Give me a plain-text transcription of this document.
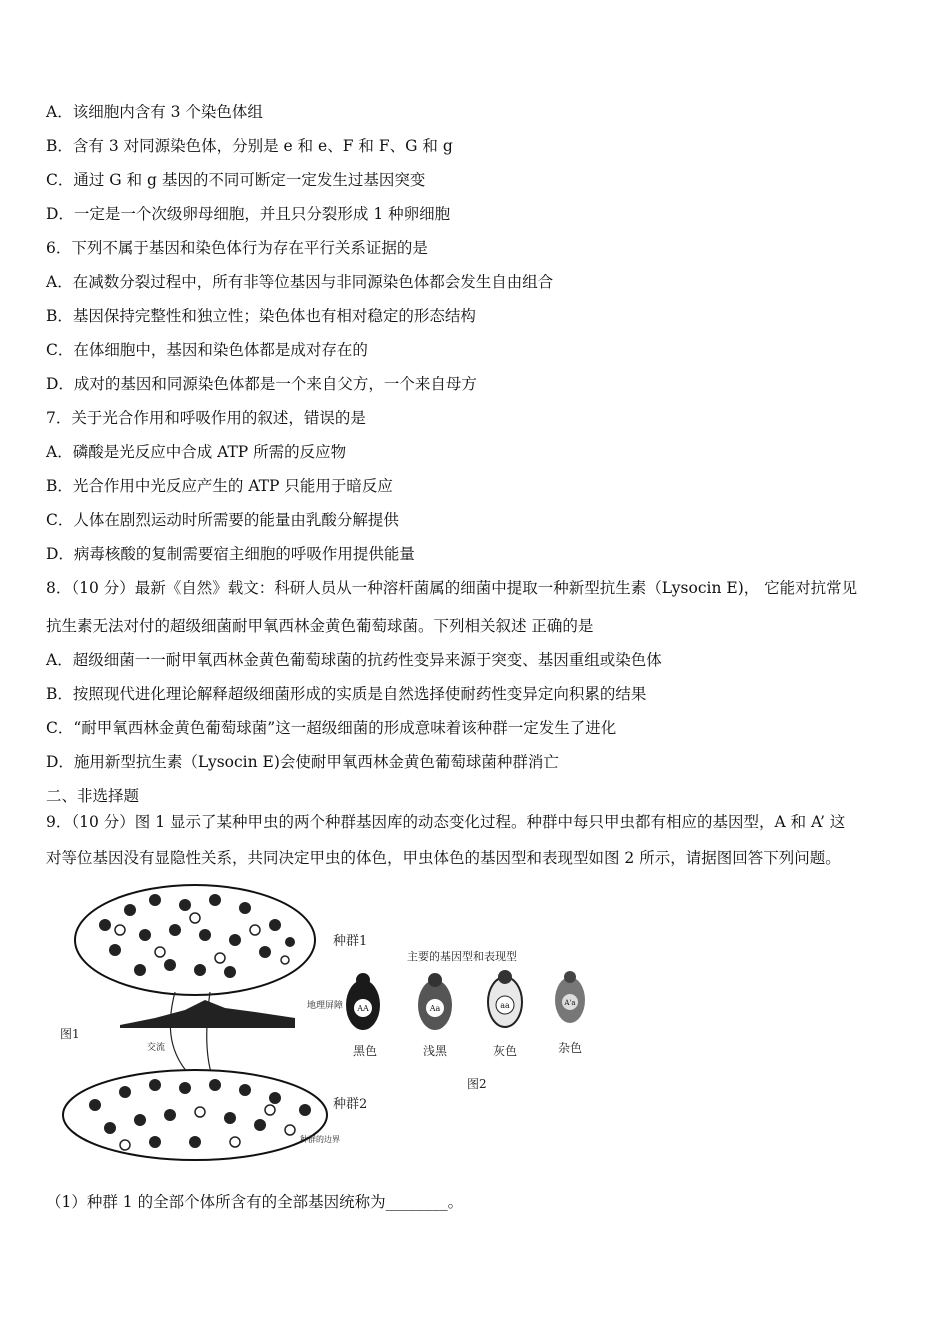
A．该细胞内含有 3 个染色体组
B．含有 3 对同源染色体，分别是 e 和 e、F 和 F、G 和 g
C．通过 G 和 g 基因的不同可断定一定发生过基因突变
D．一定是一个次级卵母细胞，并且只分裂形成 1 种卵细胞
6．下列不属于基因和染色体行为存在平行关系证据的是
A．在减数分裂过程中，所有非等位基因与非同源染色体都会发生自由组合
B．基因保持完整性和独立性；染色体也有相对稳定的形态结构
C．在体细胞中，基因和染色体都是成对存在的
D．成对的基因和同源染色体都是一个来自父方，一个来自母方
7．关于光合作用和呼吸作用的叙述，错误的是
A．磷酸是光反应中合成 ATP 所需的反应物
B．光合作用中光反应产生的 ATP 只能用于暗反应
C．人体在剧烈运动时所需要的能量由乳酸分解提供
D．病毒核酸的复制需要宿主细胞的呼吸作用提供能量
8．（10 分）最新《自然》载文：科研人员从一种溶杆菌属的细菌中提取一种新型抗生素（Lysocin E)， 它能对抗常见
抗生素无法对付的超级细菌耐甲氧西林金黄色葡萄球菌。下列相关叙述 正确的是
A．超级细菌一一耐甲氧西林金黄色葡萄球菌的抗药性变异来源于突变、基因重组或染色体
B．按照现代进化理论解释超级细菌形成的实质是自然选择使耐药性变异定向积累的结果
C．“耐甲氧西林金黄色葡萄球菌”这一超级细菌的形成意味着该种群一定发生了进化
D．施用新型抗生素（Lysocin E)会使耐甲氧西林金黄色葡萄球菌种群消亡
二、非选择题
9．（10 分）图 1 显示了某种甲虫的两个种群基因库的动态变化过程。种群中每只甲虫都有相应的基因型，A 和 A’ 这
对等位基因没有显隐性关系，共同决定甲虫的体色，甲虫体色的基因型和表现型如图 2 所示，请据图回答下列问题。
地理屏障
交流
图1
种群1
种群2
种群的边界
主要的基因型和表现型
AA
黑色
Aa
浅黑
aa
灰色
A'a
杂色
图2
（1）种群 1 的全部个体所含有的全部基因统称为________。
